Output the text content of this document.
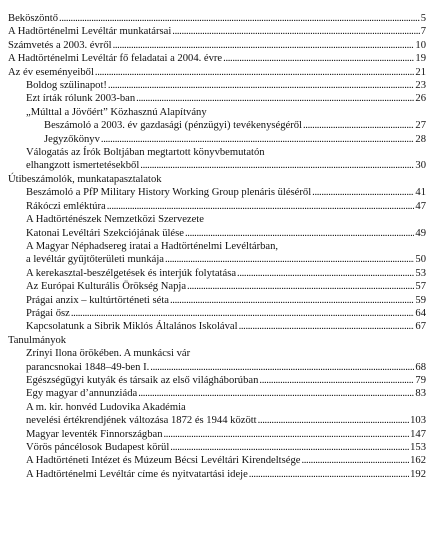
Beköszöntő . . .	5
A Hadtörténelmi Levéltár munkatársai . . .	7
Számvetés a 2003. évről . . .	10
A Hadtörténelmi Levéltár fő feladatai a 2004. évre . . .	19
Az év eseményeiből . . .	21
Boldog szülinapot! . . .	23
Ezt írták rólunk 2003-ban . . .	26
„Múlttal a Jövőért” Közhasznú Alapítvány
Beszámoló a 2003. év gazdasági (pénzügyi) tevékenységéről . . .	27
Jegyzőkönyv . . .	28
Válogatás az Írók Boltjában megtartott könyvbemutatón
elhangzott ismertetésekből . . .	30
Útibeszámolók, munkatapasztalatok
Beszámoló a PfP Military History Working Group plenáris üléséről . . .	41
Rákóczi emléktúra . . .	47
A Hadtörténészek Nemzetközi Szervezete
Katonai Levéltári Szekciójának ülése . . .	49
A Magyar Néphadsereg iratai a Hadtörténelmi Levéltárban,
a levéltár gyűjtőterületi munkája . . .	50
A kerekasztal-beszélgetések és interjúk folytatása . . .	53
Az Európai Kulturális Örökség Napja . . .	57
Prágai anzix – kultúrtörténeti séta . . .	59
Prágai ősz . . .	64
Kapcsolatunk a Sibrik Miklós Általános Iskolával . . .	67
Tanulmányok
Zrínyi Ilona örökében. A munkácsi vár
parancsnokai 1848–49-ben I. . . .	68
Egészségügyi kutyák és társaik az első világháborúban . . .	79
Egy magyar d’annunziáda . . .	83
A m. kir. honvéd Ludovika Akadémia
nevelési értékrendjének változása 1872 és 1944 között . . .	103
Magyar leventék Finnországban . . .	147
Vörös páncélosok Budapest körül . . .	153
A Hadtörténeti Intézet és Múzeum Bécsi Levéltári Kirendeltsége . . .	162
A Hadtörténelmi Levéltár címe és nyitvatartási ideje . . .	192
